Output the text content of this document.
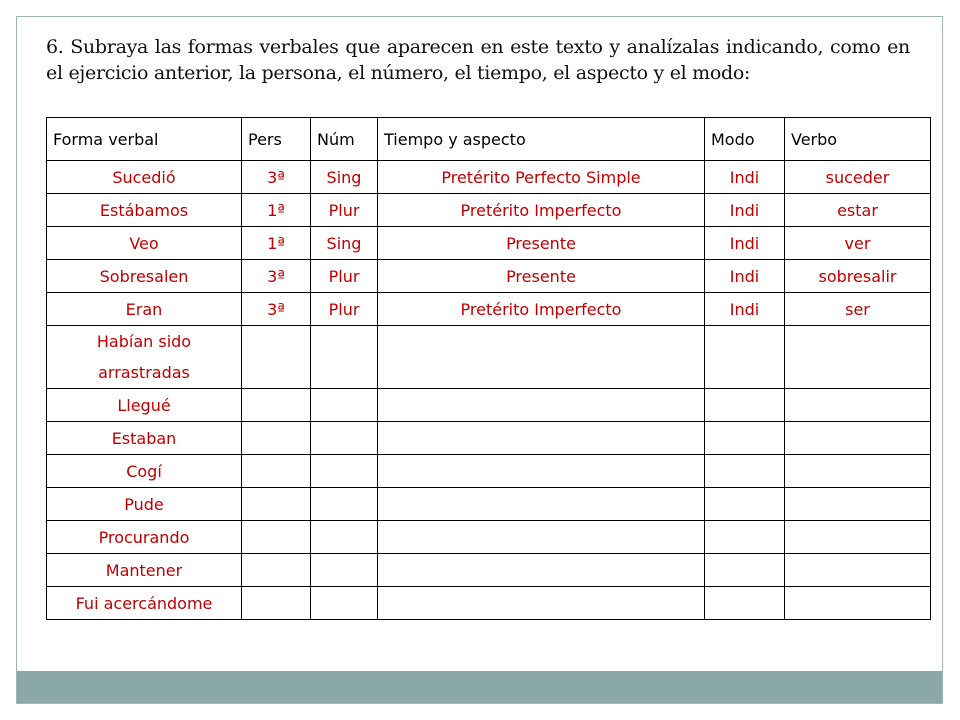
6. Subraya las formas verbales que aparecen en este texto y analízalas indicando, como en el ejercicio anterior, la persona, el número, el tiempo, el aspecto y el modo:

Forma verbal	Pers	Núm	Tiempo y aspecto	Modo	Verbo
Sucedió	3ª	Sing	Pretérito Perfecto Simple	Indi	suceder
Estábamos	1ª	Plur	Pretérito Imperfecto	Indi	estar
Veo	1ª	Sing	Presente	Indi	ver
Sobresalen	3ª	Plur	Presente	Indi	sobresalir
Eran	3ª	Plur	Pretérito Imperfecto	Indi	ser
Habían sido arrastradas					
Llegué					
Estaban					
Cogí					
Pude					
Procurando					
Mantener					
Fui acercándome					
